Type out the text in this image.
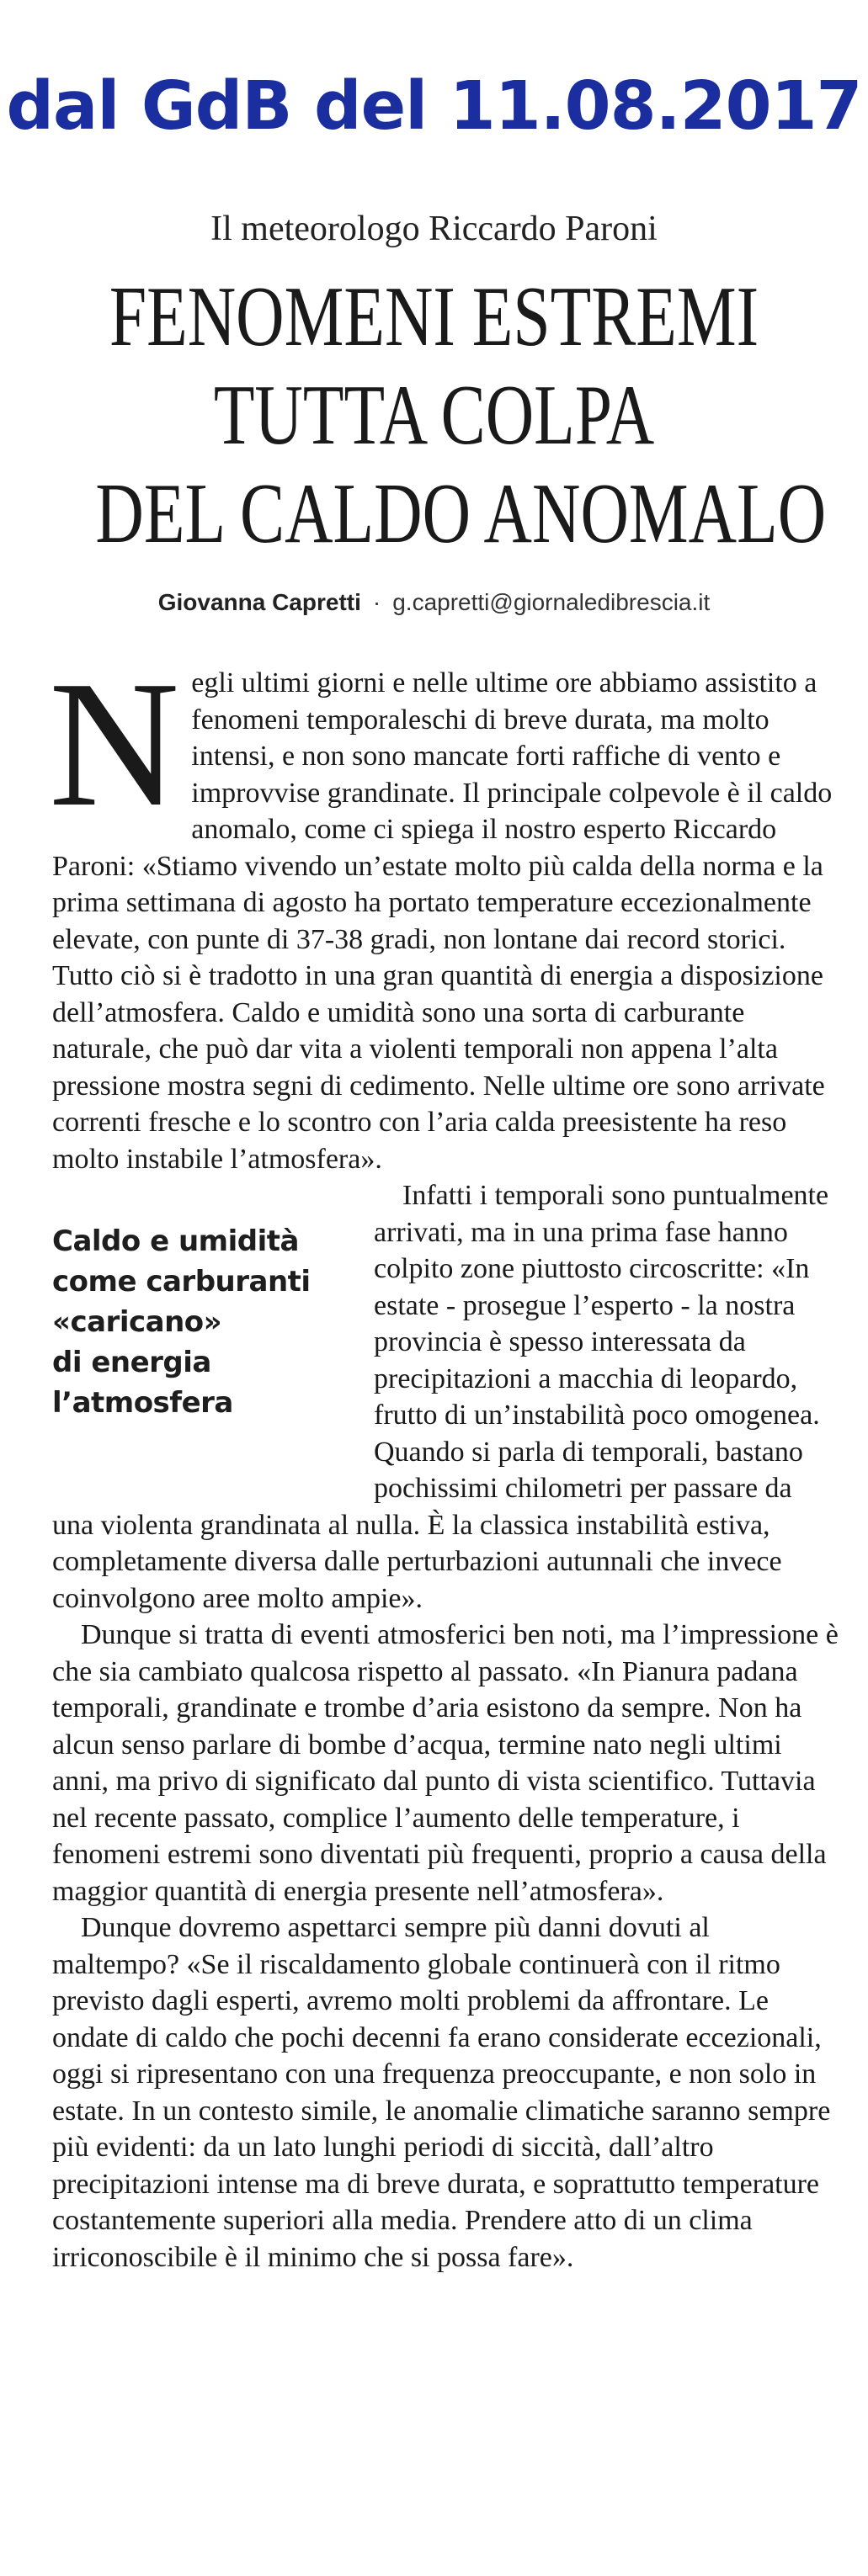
dal GdB del 11.08.2017
Il meteorologo Riccardo Paroni
FENOMENI ESTREMI
TUTTA COLPA
DEL CALDO ANOMALO
Giovanna Capretti · g.capretti@giornaledibrescia.it
N egli ultimi giorni e nelle ultime ore abbiamo assistito a fenomeni temporaleschi di breve durata, ma molto intensi, e non sono mancate forti raffiche di vento e improvvise grandinate. Il principale colpevole è il caldo anomalo, come ci spiega il nostro esperto Riccardo Paroni: «Stiamo vivendo un’estate molto più calda della norma e la prima settimana di agosto ha portato temperature eccezionalmente elevate, con punte di 37-38 gradi, non lontane dai record storici. Tutto ciò si è tradotto in una gran quantità di energia a disposizione dell’atmosfera. Caldo e umidità sono una sorta di carburante naturale, che può dar vita a violenti temporali non appena l’alta pressione mostra segni di cedimento. Nelle ultime ore sono arrivate correnti fresche e lo scontro con l’aria calda preesistente ha reso molto instabile l’atmosfera».

Caldo e umidità
come carburanti
«caricano»
di energia
l’atmosfera

Infatti i temporali sono puntualmente arrivati, ma in una prima fase hanno colpito zone piuttosto circoscritte: «In estate - prosegue l’esperto - la nostra provincia è spesso interessata da precipitazioni a macchia di leopardo, frutto di un’instabilità poco omogenea. Quando si parla di temporali, bastano pochissimi chilometri per passare da una violenta grandinata al nulla. È la classica instabilità estiva, completamente diversa dalle perturbazioni autunnali che invece coinvolgono aree molto ampie».

Dunque si tratta di eventi atmosferici ben noti, ma l’impressione è che sia cambiato qualcosa rispetto al passato. «In Pianura padana temporali, grandinate e trombe d’aria esistono da sempre. Non ha alcun senso parlare di bombe d’acqua, termine nato negli ultimi anni, ma privo di significato dal punto di vista scientifico. Tuttavia nel recente passato, complice l’aumento delle temperature, i fenomeni estremi sono diventati più frequenti, proprio a causa della maggior quantità di energia presente nell’atmosfera».

Dunque dovremo aspettarci sempre più danni dovuti al maltempo? «Se il riscaldamento globale continuerà con il ritmo previsto dagli esperti, avremo molti problemi da affrontare. Le ondate di caldo che pochi decenni fa erano considerate eccezionali, oggi si ripresentano con una frequenza preoccupante, e non solo in estate. In un contesto simile, le anomalie climatiche saranno sempre più evidenti: da un lato lunghi periodi di siccità, dall’altro precipitazioni intense ma di breve durata, e soprattutto temperature costantemente superiori alla media. Prendere atto di un clima irriconoscibile è il minimo che si possa fare».
